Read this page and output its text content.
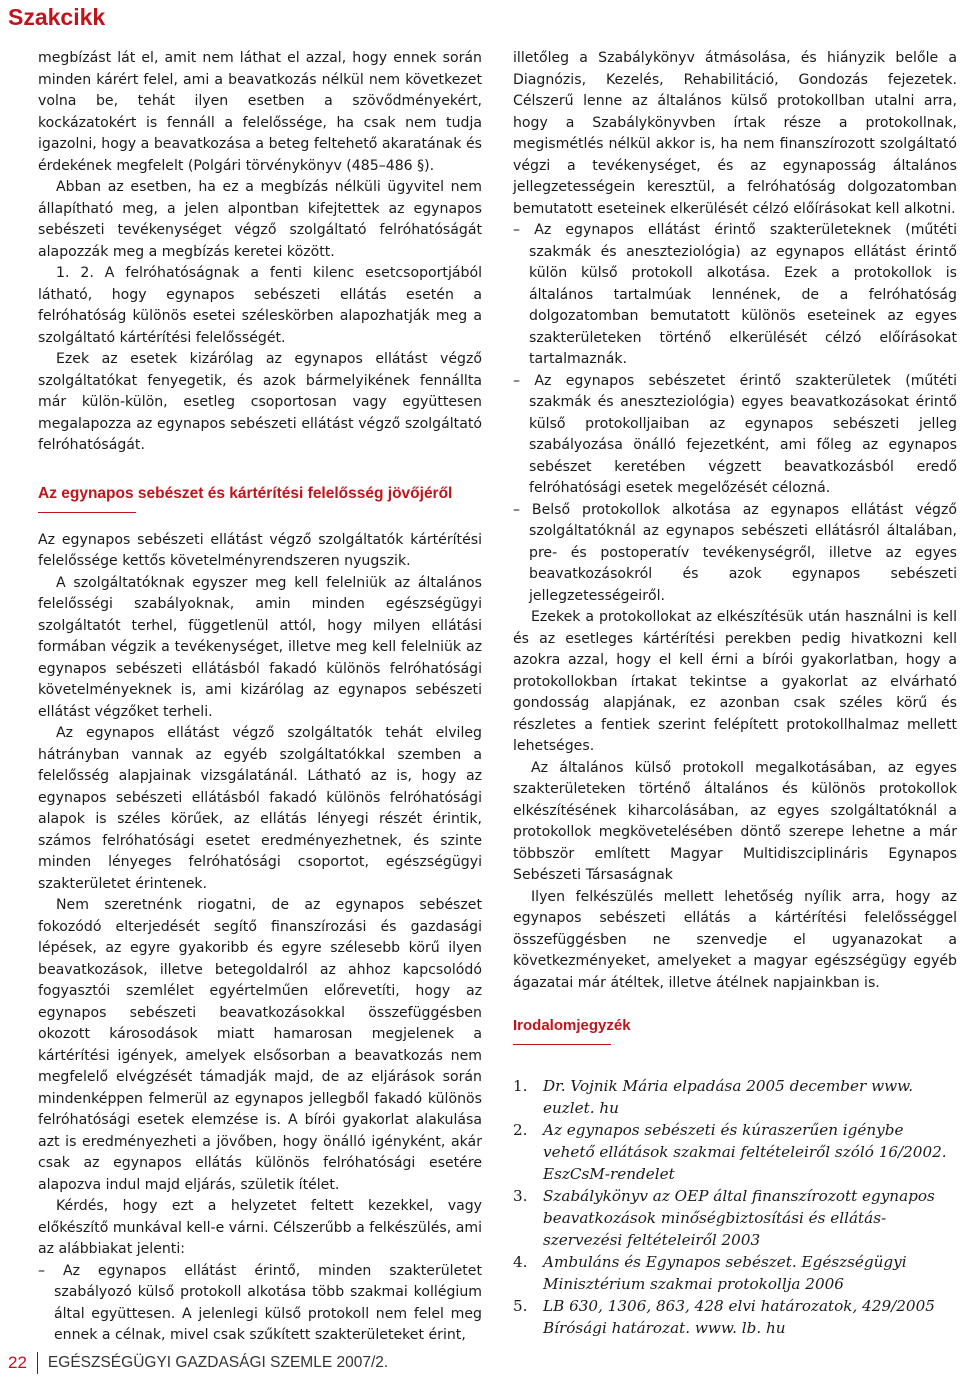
Szakcikk

megbízást lát el, amit nem láthat el azzal, hogy ennek során minden kárért felel, ami a beavatkozás nélkül nem következet volna be, tehát ilyen esetben a szövődményekért, kockázatokért is fennáll a felelőssége, ha csak nem tudja igazolni, hogy a beavatkozása a beteg feltehető akaratának és érdekének megfelelt (Polgári törvénykönyv (485–486 §).

Abban az esetben, ha ez a megbízás nélküli ügyvitel nem állapítható meg, a jelen alpontban kifejtettek az egynapos sebészeti tevékenységet végző szolgáltató felróhatóságát alapozzák meg a megbízás keretei között.

1. 2. A felróhatóságnak a fenti kilenc esetcsoportjából látható, hogy egynapos sebészeti ellátás esetén a felróhatóság különös esetei széleskörben alapozhatják meg a szolgáltató kártérítési felelősségét.

Ezek az esetek kizárólag az egynapos ellátást végző szolgáltatókat fenyegetik, és azok bármelyikének fennállta már külön-külön, esetleg csoportosan vagy együttesen megalapozza az egynapos sebészeti ellátást végző szolgáltató felróhatóságát.

Az egynapos sebészet és kártérítési felelősség jövőjéről

Az egynapos sebészeti ellátást végző szolgáltatók kártérítési felelőssége kettős követelményrendszeren nyugszik.

A szolgáltatóknak egyszer meg kell felelniük az általános felelősségi szabályoknak, amin minden egészségügyi szolgáltatót terhel, függetlenül attól, hogy milyen ellátási formában végzik a tevékenységet, illetve meg kell felelniük az egynapos sebészeti ellátásból fakadó különös felróhatósági követelményeknek is, ami kizárólag az egynapos sebészeti ellátást végzőket terheli.

Az egynapos ellátást végző szolgáltatók tehát elvileg hátrányban vannak az egyéb szolgáltatókkal szemben a felelősség alapjainak vizsgálatánál. Látható az is, hogy az egynapos sebészeti ellátásból fakadó különös felróhatósági alapok is széles körűek, az ellátás lényegi részét érintik, számos felróhatósági esetet eredményezhetnek, és szinte minden lényeges felróhatósági csoportot, egészségügyi szakterületet érintenek.

Nem szeretnénk riogatni, de az egynapos sebészet fokozódó elterjedését segítő finanszírozási és gazdasági lépések, az egyre gyakoribb és egyre szélesebb körű ilyen beavatkozások, illetve betegoldalról az ahhoz kapcsolódó fogyasztói szemlélet egyértelműen előrevetíti, hogy az egynapos sebészeti beavatkozásokkal összefüggésben okozott károsodások miatt hamarosan megjelenek a kártérítési igények, amelyek elsősorban a beavatkozás nem megfelelő elvégzését támadják majd, de az eljárások során mindenképpen felmerül az egynapos jellegből fakadó különös felróhatósági esetek elemzése is. A bírói gyakorlat alakulása azt is eredményezheti a jövőben, hogy önálló igényként, akár csak az egynapos ellátás különös felróhatósági esetére alapozva indul majd eljárás, születik ítélet.

Kérdés, hogy ezt a helyzetet feltett kezekkel, vagy előkészítő munkával kell-e várni. Célszerűbb a felkészülés, ami az alábbiakat jelenti:

– Az egynapos ellátást érintő, minden szakterületet szabályozó külső protokoll alkotása több szakmai kollégium által együttesen. A jelenlegi külső protokoll nem felel meg ennek a célnak, mivel csak szűkített szakterületeket érint,

illetőleg a Szabálykönyv átmásolása, és hiányzik belőle a Diagnózis, Kezelés, Rehabilitáció, Gondozás fejezetek. Célszerű lenne az általános külső protokollban utalni arra, hogy a Szabálykönyvben írtak része a protokollnak, megismétlés nélkül akkor is, ha nem finanszírozott szolgáltató végzi a tevékenységet, és az egynaposság általános jellegzetességein keresztül, a felróhatóság dolgozatomban bemutatott eseteinek elkerülését célzó előírásokat kell alkotni.

– Az egynapos ellátást érintő szakterületeknek (műtéti szakmák és aneszteziológia) az egynapos ellátást érintő külön külső protokoll alkotása. Ezek a protokollok is általános tartalmúak lennének, de a felróhatóság dolgozatomban bemutatott különös eseteinek az egyes szakterületeken történő elkerülését célzó előírásokat tartalmaznák.

– Az egynapos sebészetet érintő szakterületek (műtéti szakmák és aneszteziológia) egyes beavatkozásokat érintő külső protokolljaiban az egynapos sebészeti jelleg szabályozása önálló fejezetként, ami főleg az egynapos sebészet keretében végzett beavatkozásból eredő felróhatósági esetek megelőzését célozná.

– Belső protokollok alkotása az egynapos ellátást végző szolgáltatóknál az egynapos sebészeti ellátásról általában, pre- és postoperatív tevékenységről, illetve az egyes beavatkozásokról és azok egynapos sebészeti jellegzetességeiről.

Ezekek a protokollokat az elkészítésük után használni is kell és az esetleges kártérítési perekben pedig hivatkozni kell azokra azzal, hogy el kell érni a bírói gyakorlatban, hogy a protokollokban írtakat tekintse a gyakorlat az elvárható gondosság alapjának, ez azonban csak széles körű és részletes a fentiek szerint felépített protokollhalmaz mellett lehetséges.

Az általános külső protokoll megalkotásában, az egyes szakterületeken történő általános és különös protokollok elkészítésének kiharcolásában, az egyes szolgáltatóknál a protokollok megkövetelésében döntő szerepe lehetne a már többször említett Magyar Multidiszciplináris Egynapos Sebészeti Társaságnak

Ilyen felkészülés mellett lehetőség nyílik arra, hogy az egynapos sebészeti ellátás a kártérítési felelősséggel összefüggésben ne szenvedje el ugyanazokat a következményeket, amelyeket a magyar egészségügy egyéb ágazatai már átéltek, illetve átélnek napjainkban is.

Irodalomjegyzék
1.	Dr. Vojnik Mária elpadása 2005 december www. euzlet. hu
2.	Az egynapos sebészeti és kúraszerűen igénybe vehető ellátások szakmai feltételeiről szóló 16/2002. EszCsM-rendelet
3.	Szabálykönyv az OEP által finanszírozott egynapos beavatkozások minőségbiztosítási és ellátás-szervezési feltételeiről 2003
4.	Ambuláns és Egynapos sebészet. Egészségügyi Minisztérium szakmai protokollja 2006
5.	LB 630, 1306, 863, 428 elvi határozatok, 429/2005 Bírósági határozat. www. lb. hu
22 EGÉSZSÉGÜGYI GAZDASÁGI SZEMLE 2007/2.
